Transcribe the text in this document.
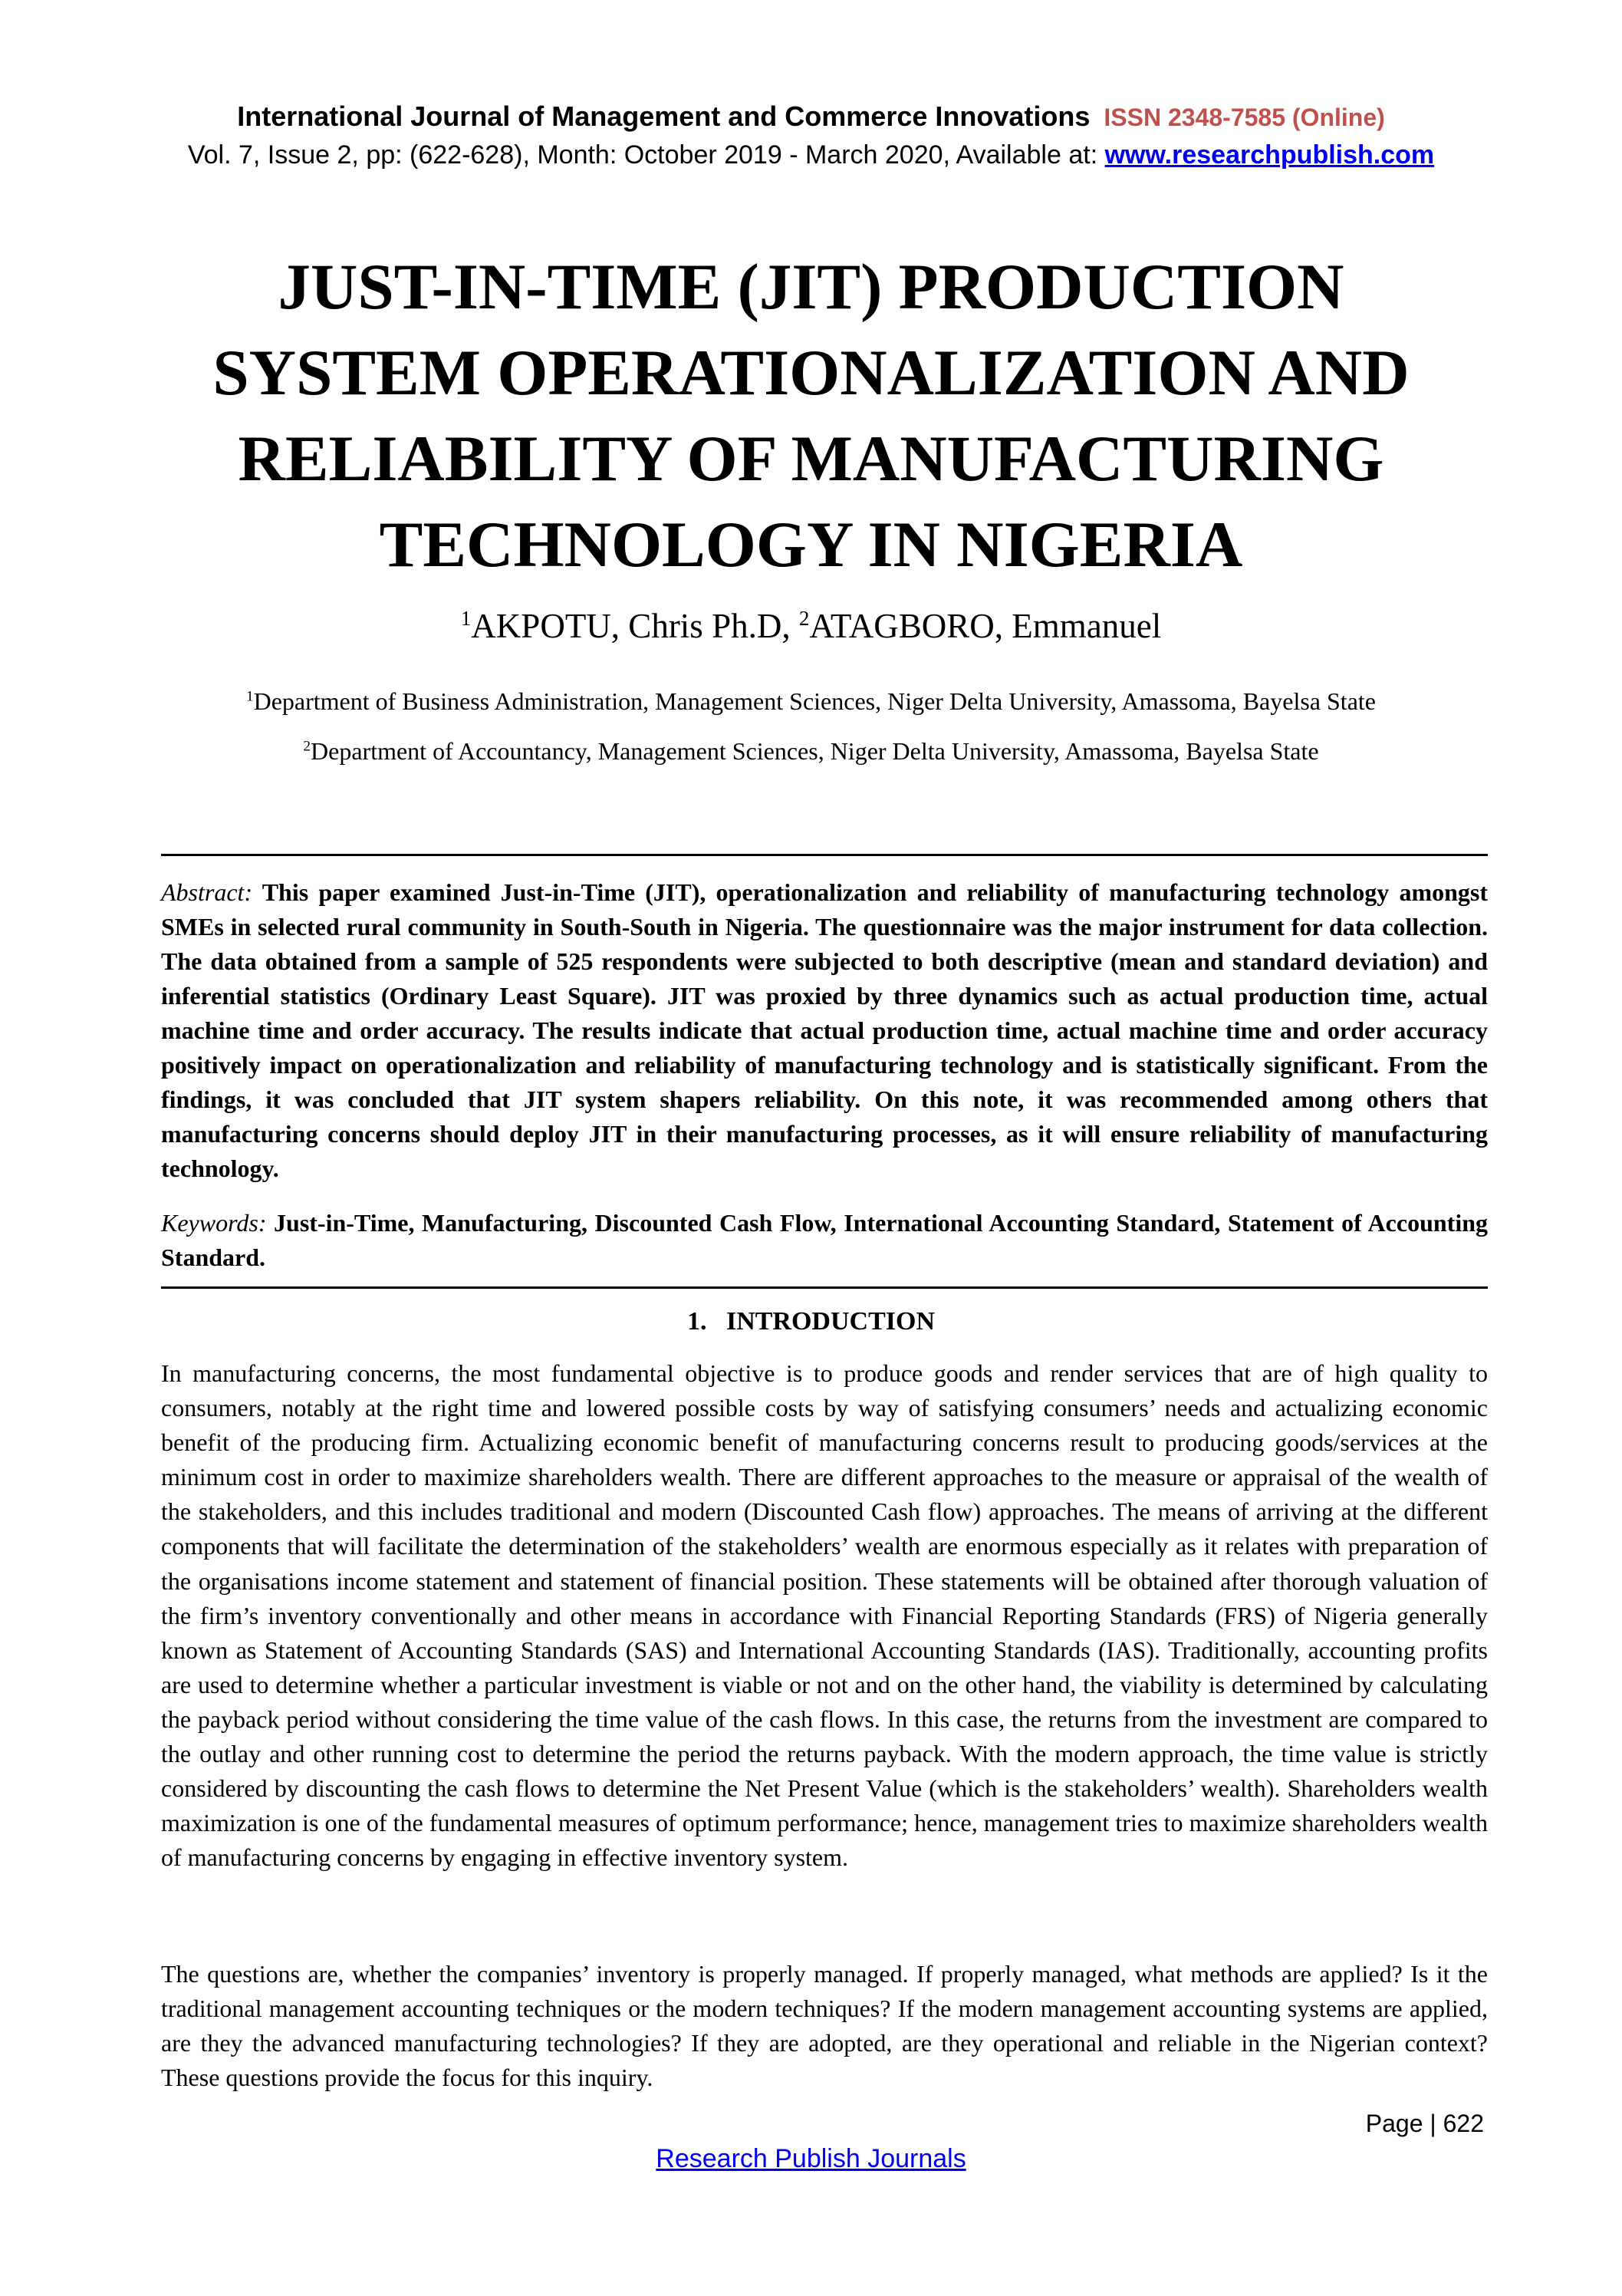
International Journal of Management and Commerce Innovations ISSN 2348-7585 (Online)
Vol. 7, Issue 2, pp: (622-628), Month: October 2019 - March 2020, Available at: www.researchpublish.com
JUST-IN-TIME (JIT) PRODUCTION
SYSTEM OPERATIONALIZATION AND
RELIABILITY OF MANUFACTURING
TECHNOLOGY IN NIGERIA
$^1$AKPOTU, Chris Ph.D, $^2$ATAGBORO, Emmanuel
$^1$Department of Business Administration, Management Sciences, Niger Delta University, Amassoma, Bayelsa State
$^2$Department of Accountancy, Management Sciences, Niger Delta University, Amassoma, Bayelsa State
Abstract: This paper examined Just-in-Time (JIT), operationalization and reliability of manufacturing technology amongst SMEs in selected rural community in South-South in Nigeria. The questionnaire was the major instrument for data collection. The data obtained from a sample of 525 respondents were subjected to both descriptive (mean and standard deviation) and inferential statistics (Ordinary Least Square). JIT was proxied by three dynamics such as actual production time, actual machine time and order accuracy. The results indicate that actual production time, actual machine time and order accuracy positively impact on operationalization and reliability of manufacturing technology and is statistically significant. From the findings, it was concluded that JIT system shapers reliability. On this note, it was recommended among others that manufacturing concerns should deploy JIT in their manufacturing processes, as it will ensure reliability of manufacturing technology.
Keywords: Just-in-Time, Manufacturing, Discounted Cash Flow, International Accounting Standard, Statement of Accounting Standard.
1. INTRODUCTION
In manufacturing concerns, the most fundamental objective is to produce goods and render services that are of high quality to consumers, notably at the right time and lowered possible costs by way of satisfying consumers’ needs and actualizing economic benefit of the producing firm. Actualizing economic benefit of manufacturing concerns result to producing goods/services at the minimum cost in order to maximize shareholders wealth. There are different approaches to the measure or appraisal of the wealth of the stakeholders, and this includes traditional and modern (Discounted Cash flow) approaches. The means of arriving at the different components that will facilitate the determination of the stakeholders’ wealth are enormous especially as it relates with preparation of the organisations income statement and statement of financial position. These statements will be obtained after thorough valuation of the firm’s inventory conventionally and other means in accordance with Financial Reporting Standards (FRS) of Nigeria generally known as Statement of Accounting Standards (SAS) and International Accounting Standards (IAS). Traditionally, accounting profits are used to determine whether a particular investment is viable or not and on the other hand, the viability is determined by calculating the payback period without considering the time value of the cash flows. In this case, the returns from the investment are compared to the outlay and other running cost to determine the period the returns payback. With the modern approach, the time value is strictly considered by discounting the cash flows to determine the Net Present Value (which is the stakeholders’ wealth). Shareholders wealth maximization is one of the fundamental measures of optimum performance; hence, management tries to maximize shareholders wealth of manufacturing concerns by engaging in effective inventory system.
The questions are, whether the companies’ inventory is properly managed. If properly managed, what methods are applied? Is it the traditional management accounting techniques or the modern techniques? If the modern management accounting systems are applied, are they the advanced manufacturing technologies? If they are adopted, are they operational and reliable in the Nigerian context? These questions provide the focus for this inquiry.
Page | 622
Research Publish Journals
